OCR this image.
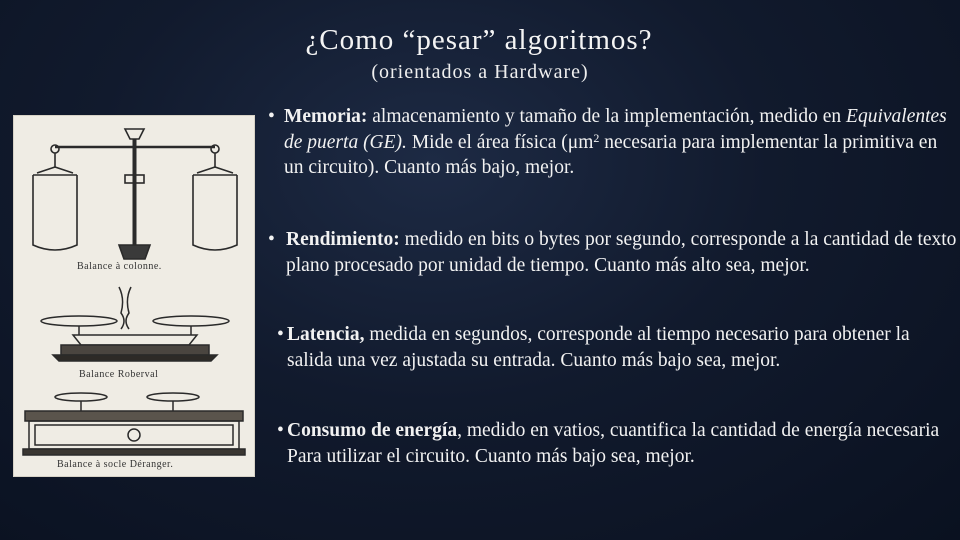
¿Como “pesar” algoritmos?
(orientados a Hardware)
Balance à colonne.
Balance Roberval
Balance à socle Déranger.
• Memoria: almacenamiento y tamaño de la implementación, medido en Equivalentes de puerta (GE). Mide el área física ($\mu m^2$ necesaria para implementar la primitiva en un circuito). Cuanto más bajo, mejor.
• Rendimiento: medido en bits o bytes por segundo, corresponde a la cantidad de texto plano procesado por unidad de tiempo. Cuanto más alto sea, mejor.
• Latencia, medida en segundos, corresponde al tiempo necesario para obtener la salida una vez ajustada su entrada. Cuanto más bajo sea, mejor.
• Consumo de energía, medido en vatios, cuantifica la cantidad de energía necesaria Para utilizar el circuito. Cuanto más bajo sea, mejor.
